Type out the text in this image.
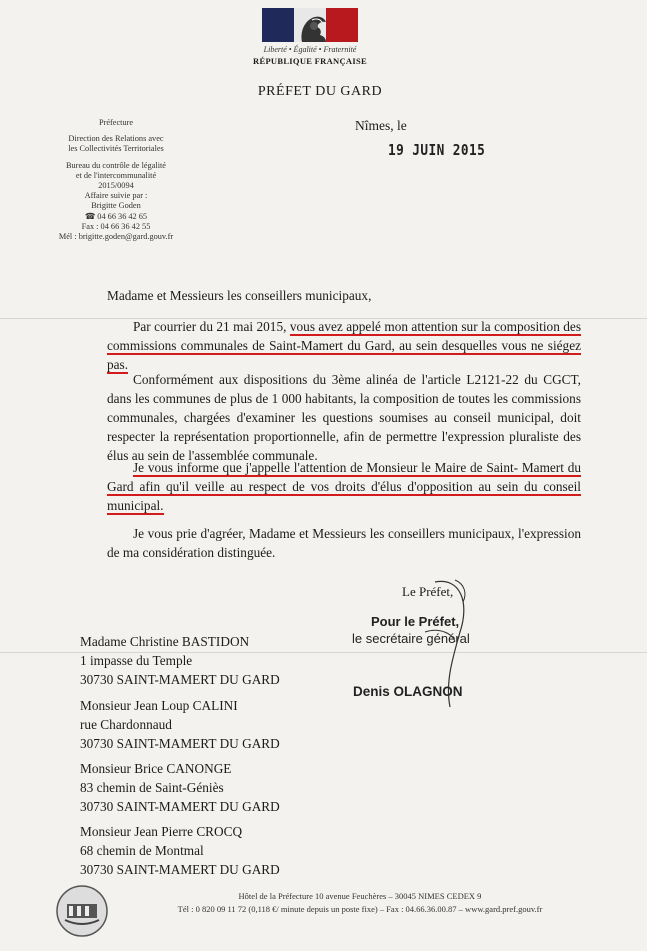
Liberté • Égalité • Fraternité
RÉPUBLIQUE FRANÇAISE
PRÉFET DU GARD
Nîmes, le
19 JUIN 2015
Préfecture
Direction des Relations avec
les Collectivités Territoriales
Bureau du contrôle de légalité
et de l'intercommunalité
2015/0094
Affaire suivie par :
Brigitte Goden
☎ 04 66 36 42 65
Fax : 04 66 36 42 55
Mél : brigitte.goden@gard.gouv.fr
Madame et Messieurs les conseillers municipaux,
Par courrier du 21 mai 2015, vous avez appelé mon attention sur la composition des commissions communales de Saint-Mamert du Gard, au sein desquelles vous ne siégez pas.
Conformément aux dispositions du 3ème alinéa de l'article L2121-22 du CGCT, dans les communes de plus de 1 000 habitants, la composition de toutes les commissions communales, chargées d'examiner les questions soumises au conseil municipal, doit respecter la représentation proportionnelle, afin de permettre l'expression pluraliste des élus au sein de l'assemblée communale.
Je vous informe que j'appelle l'attention de Monsieur le Maire de Saint- Mamert du Gard afin qu'il veille au respect de vos droits d'élus d'opposition au sein du conseil municipal.
Je vous prie d'agréer, Madame et Messieurs les conseillers municipaux, l'expression de ma considération distinguée.
Le Préfet,
Pour le Préfet,
le secrétaire général
Denis OLAGNON
Madame Christine BASTIDON
1 impasse du Temple
30730 SAINT-MAMERT DU GARD
Monsieur Jean Loup CALINI
rue Chardonnaud
30730 SAINT-MAMERT DU GARD
Monsieur Brice CANONGE
83 chemin de Saint-Géniès
30730 SAINT-MAMERT DU GARD
Monsieur Jean Pierre CROCQ
68 chemin de Montmal
30730 SAINT-MAMERT DU GARD
Hôtel de la Préfecture 10 avenue Feuchères – 30045 NIMES CEDEX 9
Tél : 0 820 09 11 72 (0,118 €/ minute depuis un poste fixe) – Fax : 04.66.36.00.87 – www.gard.pref.gouv.fr
